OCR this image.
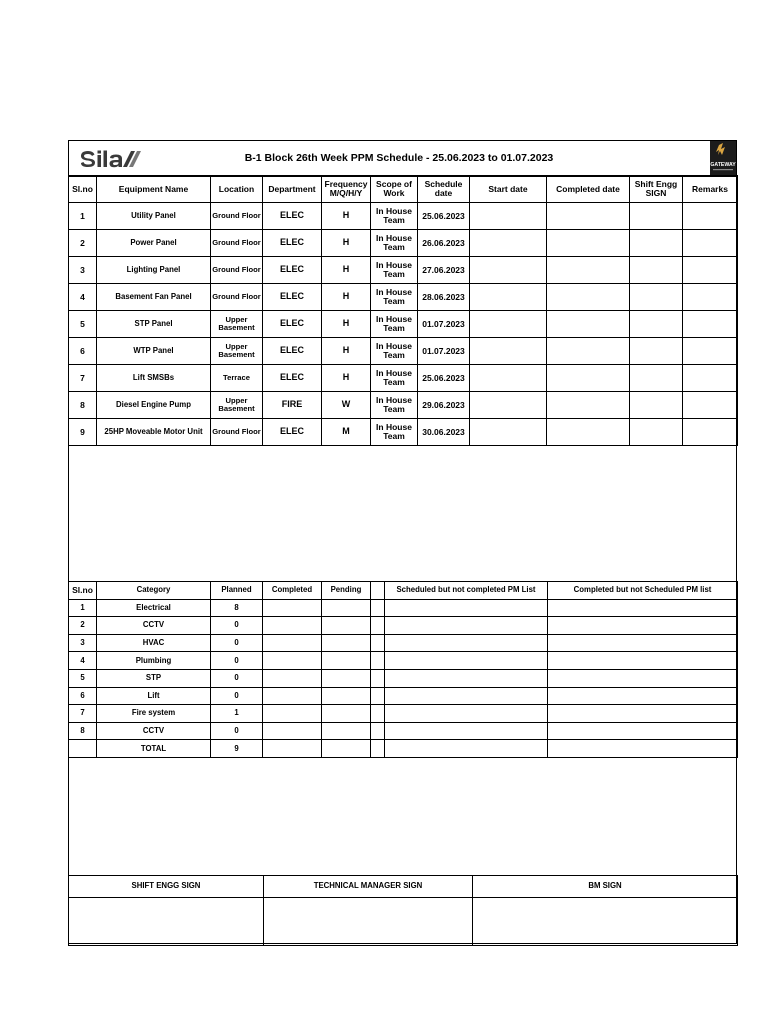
B-1 Block 26th Week PPM Schedule - 25.06.2023 to 01.07.2023
GATEWAY
Sl.no	Equipment Name	Location	Department	Frequency M/Q/H/Y	Scope of Work	Schedule date	Start date	Completed date	Shift Engg SIGN	Remarks
1	Utility Panel	Ground Floor	ELEC	H	In House Team	25.06.2023				
2	Power Panel	Ground Floor	ELEC	H	In House Team	26.06.2023				
3	Lighting Panel	Ground Floor	ELEC	H	In House Team	27.06.2023				
4	Basement Fan Panel	Ground Floor	ELEC	H	In House Team	28.06.2023				
5	STP Panel	Upper Basement	ELEC	H	In House Team	01.07.2023				
6	WTP Panel	Upper Basement	ELEC	H	In House Team	01.07.2023				
7	Lift SMSBs	Terrace	ELEC	H	In House Team	25.06.2023				
8	Diesel Engine Pump	Upper Basement	FIRE	W	In House Team	29.06.2023				
9	25HP Moveable Motor Unit	Ground Floor	ELEC	M	In House Team	30.06.2023				
Sl.no	Category	Planned	Completed	Pending		Scheduled but not completed PM List	Completed but not Scheduled PM list
1	Electrical	8					
2	CCTV	0					
3	HVAC	0					
4	Plumbing	0					
5	STP	0					
6	Lift	0					
7	Fire system	1					
8	CCTV	0					
	TOTAL	9					
SHIFT ENGG SIGN	TECHNICAL MANAGER SIGN	BM SIGN
